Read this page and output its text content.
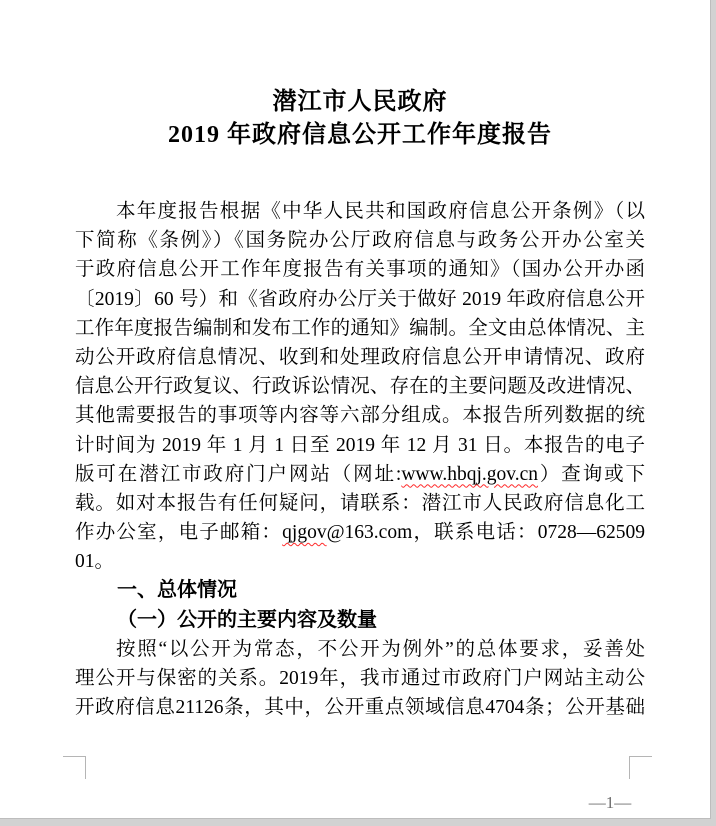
潜江市人民政府
2019 年政府信息公开工作年度报告
本年度报告根据《中华人民共和国政府信息公开条例》（以
下简称《条例》）《国务院办公厅政府信息与政务公开办公室关
于政府信息公开工作年度报告有关事项的通知》（国办公开办函
〔2019〕60 号）和《省政府办公厅关于做好 2019 年政府信息公开
工作年度报告编制和发布工作的通知》编制。全文由总体情况、主
动公开政府信息情况、收到和处理政府信息公开申请情况、政府
信息公开行政复议、行政诉讼情况、存在的主要问题及改进情况、
其他需要报告的事项等内容等六部分组成。本报告所列数据的统
计时间为 2019 年 1 月 1 日至 2019 年 12 月 31 日。本报告的电子
版可在潜江市政府门户网站（网址:www.hbqj.gov.cn）查询或下
载。如对本报告有任何疑问，请联系：潜江市人民政府信息化工
作办公室，电子邮箱：qjgov@163.com，联系电话：0728—62509
01。
一、总体情况
（一）公开的主要内容及数量
按照“以公开为常态，不公开为例外”的总体要求，妥善处
理公开与保密的关系。2019年，我市通过市政府门户网站主动公
开政府信息21126条，其中，公开重点领域信息4704条；公开基础
—1—
